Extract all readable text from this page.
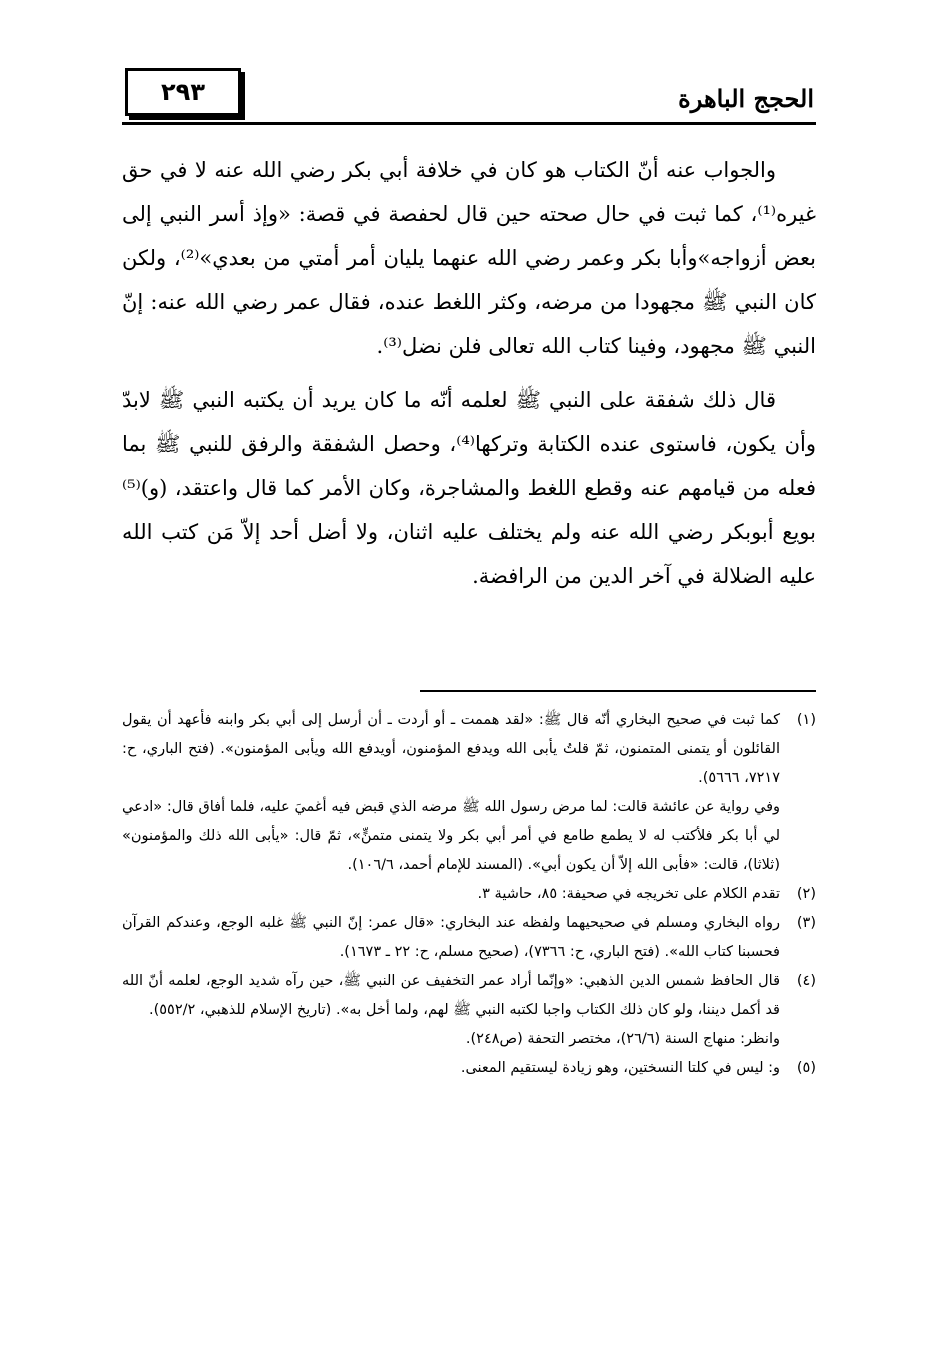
الحجج الباهرة
٢٩٣

والجواب عنه أنّ الكتاب هو كان في خلافة أبي بكر رضي الله عنه لا في حق غيره⁽¹⁾، كما ثبت في حال صحته حين قال لحفصة في قصة: «وإذ أسر النبي إلى بعض أزواجه»وأبا بكر وعمر رضي الله عنهما يليان أمر أمتي من بعدي»⁽²⁾، ولكن كان النبي ﷺ مجهودا من مرضه، وكثر اللغط عنده، فقال عمر رضي الله عنه: إنّ النبي ﷺ مجهود، وفينا كتاب الله تعالى فلن نضل⁽³⁾.

قال ذلك شفقة على النبي ﷺ لعلمه أنّه ما كان يريد أن يكتبه النبي ﷺ لابدّ وأن يكون، فاستوى عنده الكتابة وتركها⁽⁴⁾، وحصل الشفقة والرفق للنبي ﷺ بما فعله من قيامهم عنه وقطع اللغط والمشاجرة، وكان الأمر كما قال واعتقد، (و)⁽⁵⁾ بويع أبوبكر رضي الله عنه ولم يختلف عليه اثنان، ولا أضل أحد إلاّ مَن كتب الله عليه الضلالة في آخر الدين من الرافضة.

(١)
كما ثبت في صحيح البخاري أنّه قال ﷺ: «لقد هممت ـ أو أردت ـ أن أرسل إلى أبي بكر وابنه فأعهد أن يقول القائلون أو يتمنى المتمنون، ثمّ قلتُ يأبى الله ويدفع المؤمنون، أويدفع الله ويأبى المؤمنون». (فتح الباري، ح: ٧٢١٧، ٥٦٦٦).
وفي رواية عن عائشة قالت: لما مرض رسول الله ﷺ مرضه الذي قبض فيه أغميَ عليه، فلما أفاق قال: «ادعي لي أبا بكر فلأكتب له لا يطمع طامع في أمر أبي بكر ولا يتمنى متمنٍّ»، ثمّ قال: «يأبى الله ذلك والمؤمنون» (ثلاثا)، قالت: «فأبى الله إلاّ أن يكون أبي». (المسند للإمام أحمد، ١٠٦/٦).
(٢)
تقدم الكلام على تخريجه في صحيفة: ٨٥، حاشية ٣.
(٣)
رواه البخاري ومسلم في صحيحيهما ولفظه عند البخاري: «قال عمر: إنّ النبي ﷺ غلبه الوجع، وعندكم القرآن فحسبنا كتاب الله». (فتح الباري، ح: ٧٣٦٦)، (صحيح مسلم، ح: ٢٢ ـ ١٦٧٣).
(٤)
قال الحافظ شمس الدين الذهبي: «وإنّما أراد عمر التخفيف عن النبي ﷺ، حين رآه شديد الوجع، لعلمه أنّ الله قد أكمل ديننا، ولو كان ذلك الكتاب واجبا لكتبه النبي ﷺ لهم، ولما أخل به». (تاريخ الإسلام للذهبي، ٥٥٢/٢).
وانظر: منهاج السنة (٢٦/٦)، مختصر التحفة (ص٢٤٨).
(٥)
و: ليس في كلتا النسختين، وهو زيادة ليستقيم المعنى.
